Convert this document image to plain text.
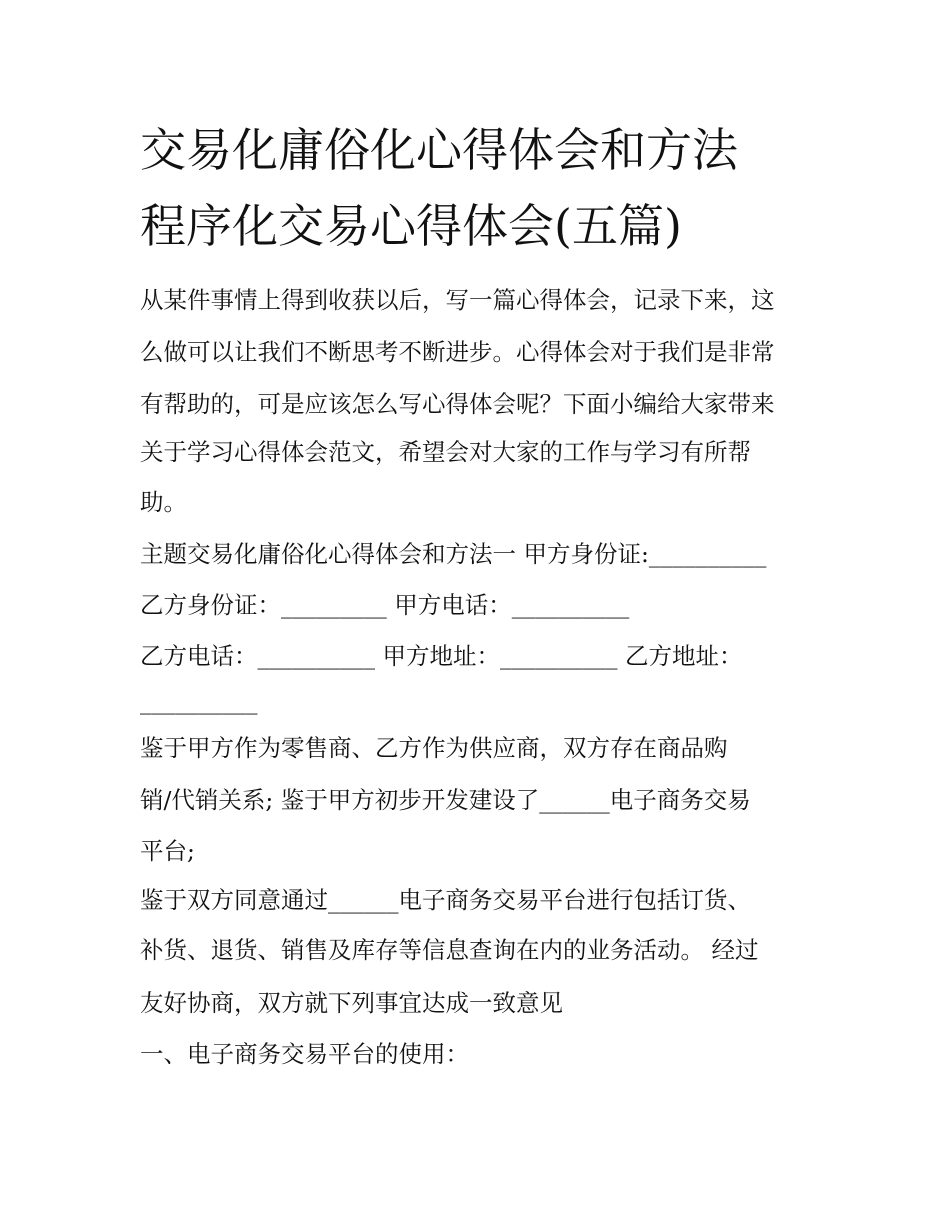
交易化庸俗化心得体会和方法
程序化交易心得体会(五篇)
从某件事情上得到收获以后，写一篇心得体会，记录下来，这
么做可以让我们不断思考不断进步。心得体会对于我们是非常
有帮助的，可是应该怎么写心得体会呢？下面小编给大家带来
关于学习心得体会范文，希望会对大家的工作与学习有所帮
助。
主题交易化庸俗化心得体会和方法一 甲方身份证:__________
乙方身份证：_________ 甲方电话：__________
乙方电话：__________ 甲方地址：__________ 乙方地址：
__________
鉴于甲方作为零售商、乙方作为供应商，双方存在商品购
销/代销关系; 鉴于甲方初步开发建设了______电子商务交易
平台;
鉴于双方同意通过______电子商务交易平台进行包括订货、
补货、退货、销售及库存等信息查询在内的业务活动。 经过
友好协商，双方就下列事宜达成一致意见
一、电子商务交易平台的使用：
